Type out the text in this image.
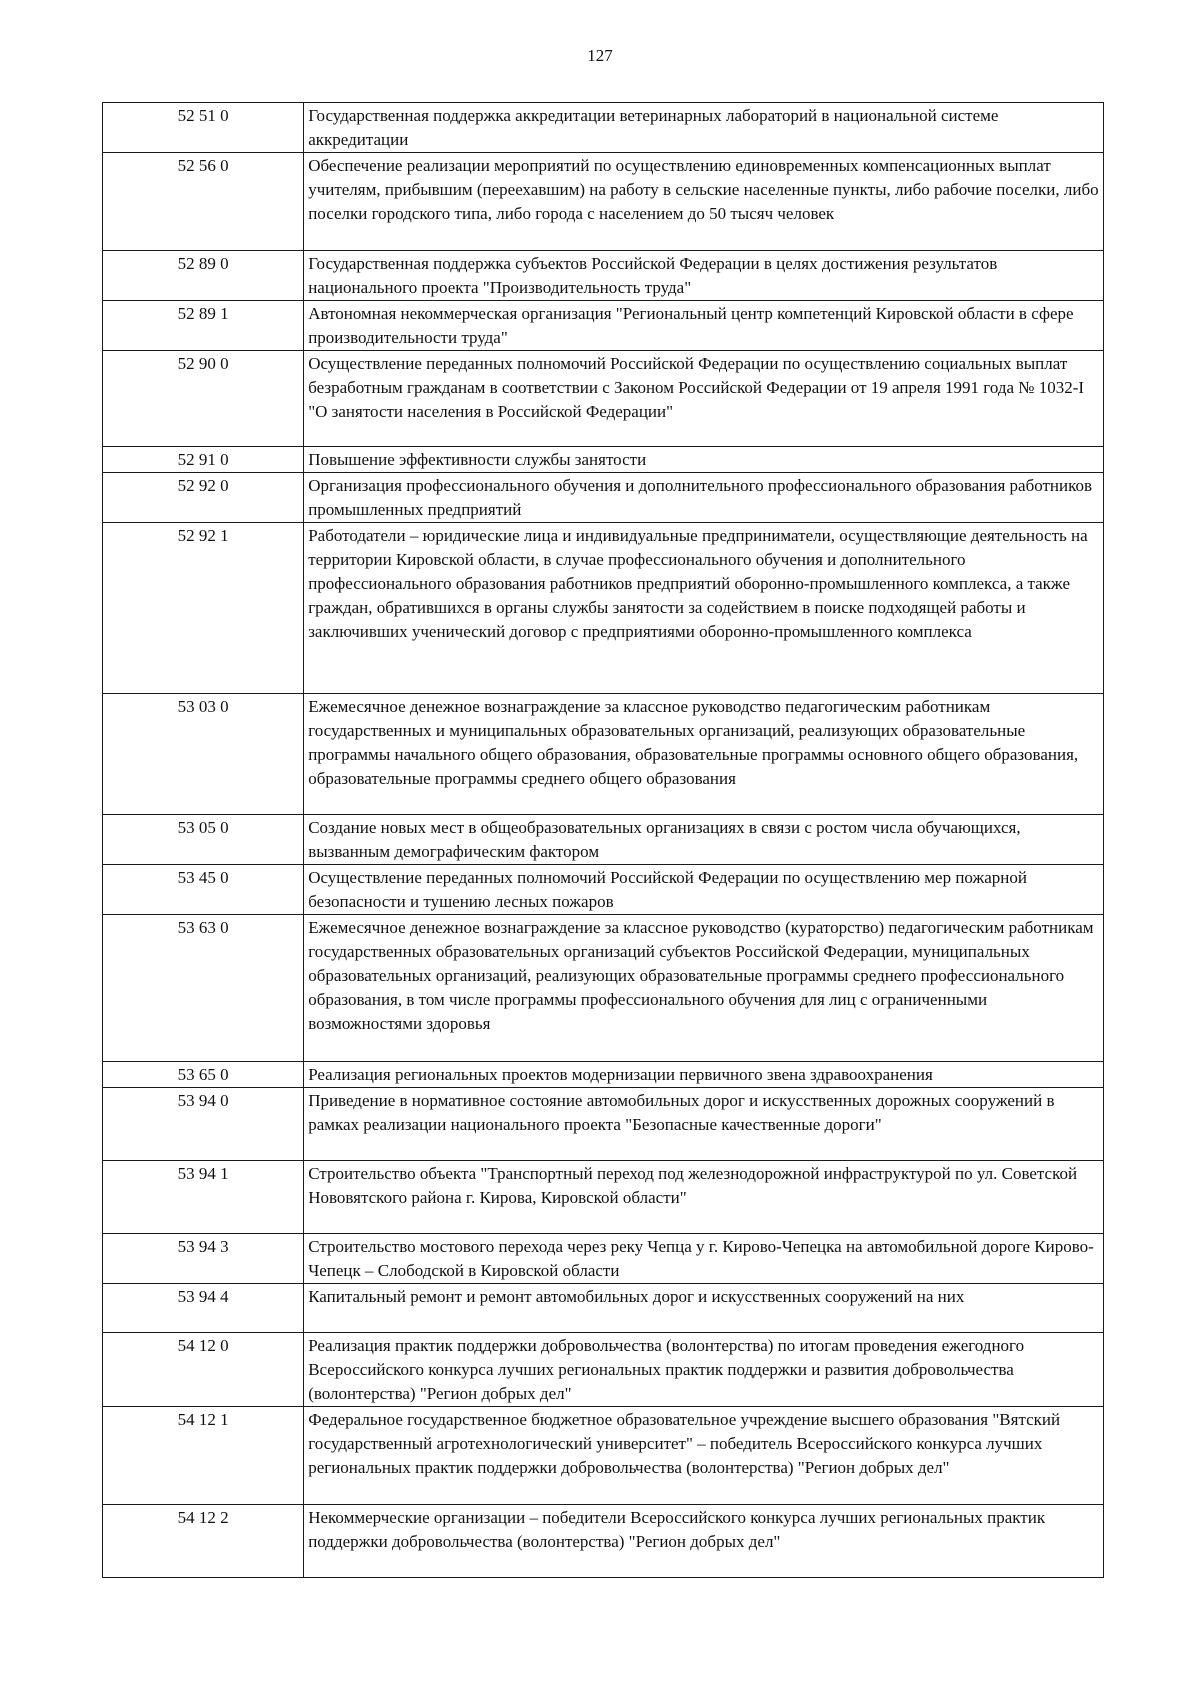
127
52 51 0	Государственная поддержка аккредитации ветеринарных лабораторий в национальной системе аккредитации
52 56 0	Обеспечение реализации мероприятий по осуществлению единовременных компенсационных выплат учителям, прибывшим (переехавшим) на работу в сельские населенные пункты, либо рабочие поселки, либо поселки городского типа, либо города с населением до 50 тысяч человек
52 89 0	Государственная поддержка субъектов Российской Федерации в целях достижения результатов национального проекта "Производительность труда"
52 89 1	Автономная некоммерческая организация "Региональный центр компетенций Кировской области в сфере производительности труда"
52 90 0	Осуществление переданных полномочий Российской Федерации по осуществлению социальных выплат безработным гражданам в соответствии с Законом Российской Федерации от 19 апреля 1991 года № 1032-I "О занятости населения в Российской Федерации"
52 91 0	Повышение эффективности службы занятости
52 92 0	Организация профессионального обучения и дополнительного профессионального образования работников промышленных предприятий
52 92 1	Работодатели – юридические лица и индивидуальные предприниматели, осуществляющие деятельность на территории Кировской области, в случае профессионального обучения и дополнительного профессионального образования работников предприятий оборонно-промышленного комплекса, а также граждан, обратившихся в органы службы занятости за содействием в поиске подходящей работы и заключивших ученический договор с предприятиями оборонно-промышленного комплекса
53 03 0	Ежемесячное денежное вознаграждение за классное руководство педагогическим работникам государственных и муниципальных образовательных организаций, реализующих образовательные программы начального общего образования, образовательные программы основного общего образования, образовательные программы среднего общего образования
53 05 0	Создание новых мест в общеобразовательных организациях в связи с ростом числа обучающихся, вызванным демографическим фактором
53 45 0	Осуществление переданных полномочий Российской Федерации по осуществлению мер пожарной безопасности и тушению лесных пожаров
53 63 0	Ежемесячное денежное вознаграждение за классное руководство (кураторство) педагогическим работникам государственных образовательных организаций субъектов Российской Федерации, муниципальных образовательных организаций, реализующих образовательные программы среднего профессионального образования, в том числе программы профессионального обучения для лиц с ограниченными возможностями здоровья
53 65 0	Реализация региональных проектов модернизации первичного звена здравоохранения
53 94 0	Приведение в нормативное состояние автомобильных дорог и искусственных дорожных сооружений в рамках реализации национального проекта "Безопасные качественные дороги"
53 94 1	Строительство объекта "Транспортный переход под железнодорожной инфраструктурой по ул. Советской Нововятского района г. Кирова, Кировской области"
53 94 3	Строительство мостового перехода через реку Чепца у г. Кирово-Чепецка на автомобильной дороге Кирово-Чепецк – Слободской в Кировской области
53 94 4	Капитальный ремонт и ремонт автомобильных дорог и искусственных сооружений на них
54 12 0	Реализация практик поддержки добровольчества (волонтерства) по итогам проведения ежегодного Всероссийского конкурса лучших региональных практик поддержки и развития добровольчества (волонтерства) "Регион добрых дел"
54 12 1	Федеральное государственное бюджетное образовательное учреждение высшего образования "Вятский государственный агротехнологический университет" – победитель Всероссийского конкурса лучших региональных практик поддержки добровольчества (волонтерства) "Регион добрых дел"
54 12 2	Некоммерческие организации – победители Всероссийского конкурса лучших региональных практик поддержки добровольчества (волонтерства) "Регион добрых дел"
